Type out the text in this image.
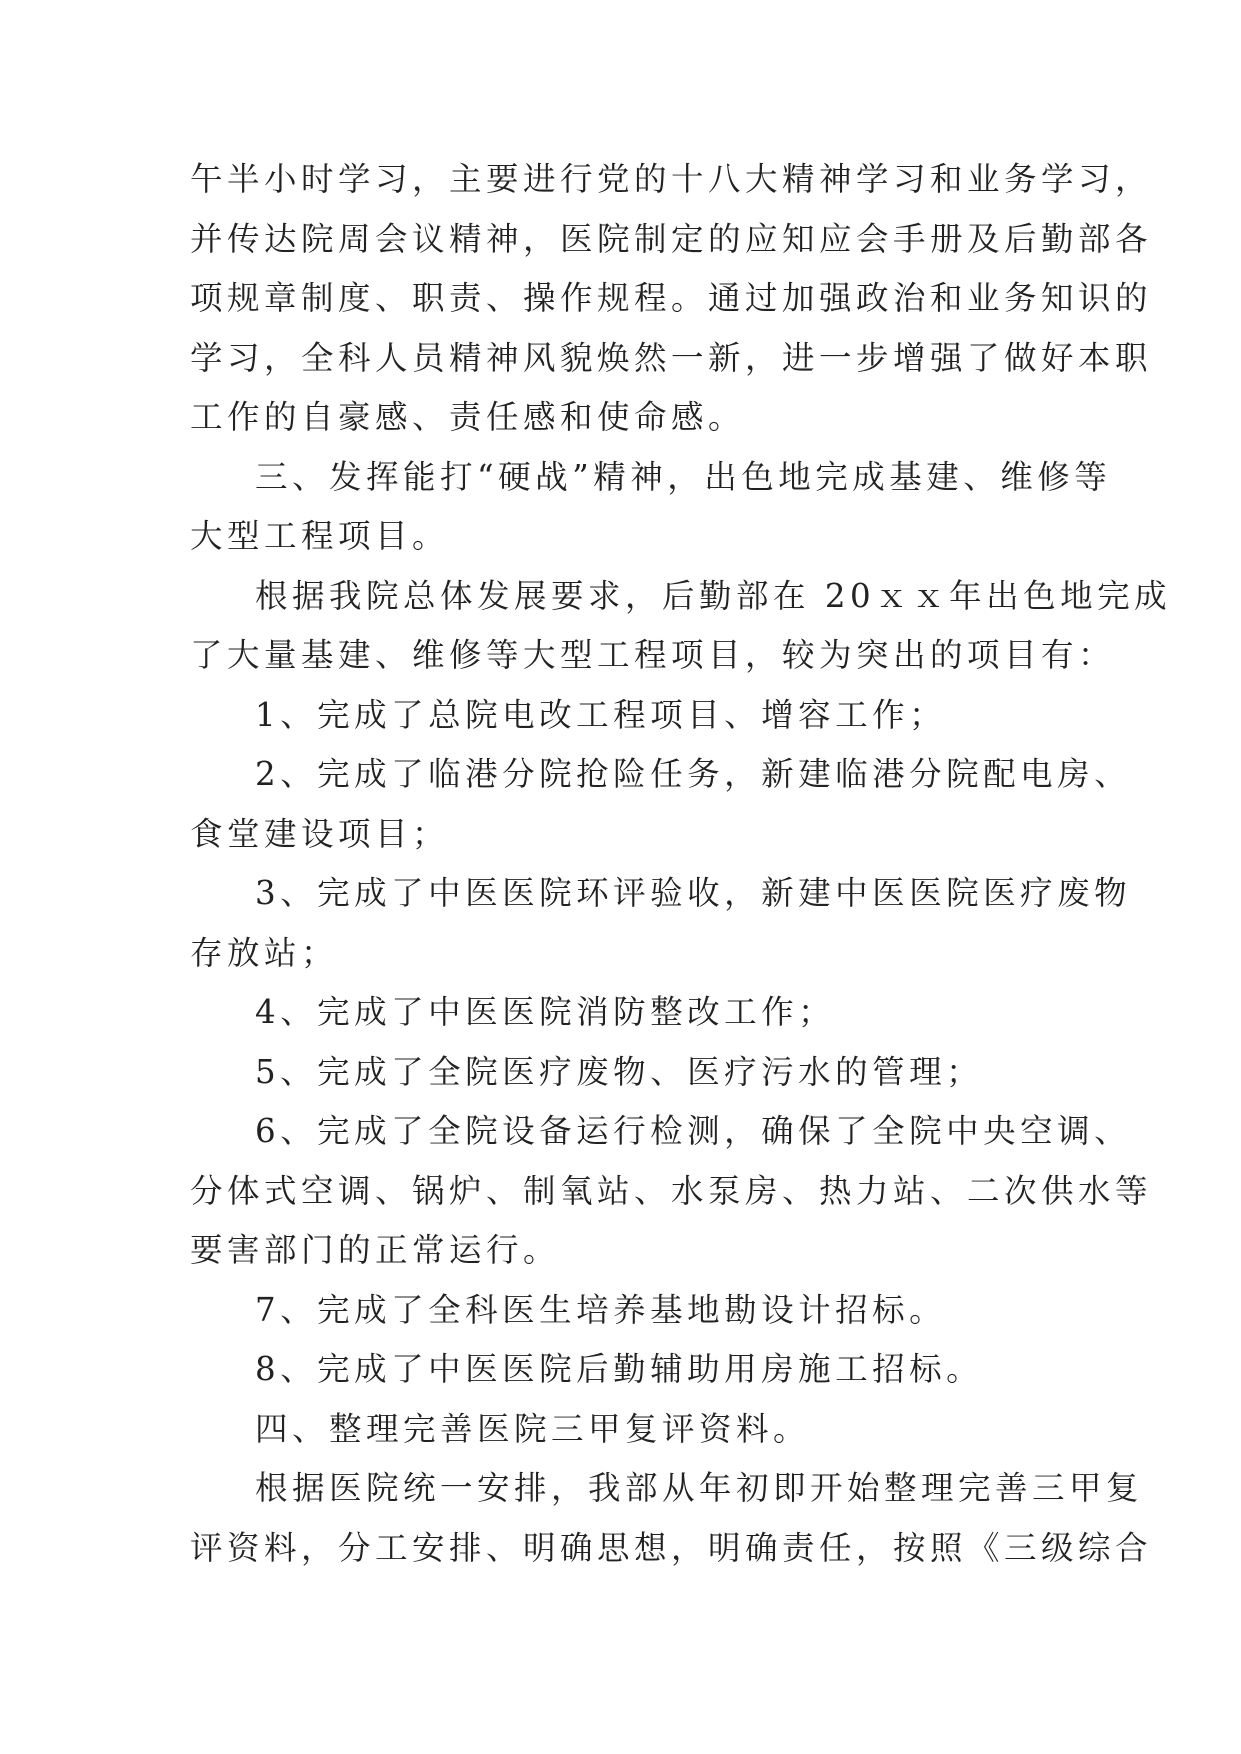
午半小时学习，主要进行党的十八大精神学习和业务学习，
并传达院周会议精神，医院制定的应知应会手册及后勤部各
项规章制度、职责、操作规程。通过加强政治和业务知识的
学习，全科人员精神风貌焕然一新，进一步增强了做好本职
工作的自豪感、责任感和使命感。
三、发挥能打“硬战”精神，出色地完成基建、维修等
大型工程项目。
根据我院总体发展要求，后勤部在 20ｘｘ年出色地完成
了大量基建、维修等大型工程项目，较为突出的项目有：
1、完成了总院电改工程项目、增容工作；
2、完成了临港分院抢险任务，新建临港分院配电房、
食堂建设项目；
3、完成了中医医院环评验收，新建中医医院医疗废物
存放站；
4、完成了中医医院消防整改工作；
5、完成了全院医疗废物、医疗污水的管理；
6、完成了全院设备运行检测，确保了全院中央空调、
分体式空调、锅炉、制氧站、水泵房、热力站、二次供水等
要害部门的正常运行。
7、完成了全科医生培养基地勘设计招标。
8、完成了中医医院后勤辅助用房施工招标。
四、整理完善医院三甲复评资料。
根据医院统一安排，我部从年初即开始整理完善三甲复
评资料，分工安排、明确思想，明确责任，按照《三级综合
